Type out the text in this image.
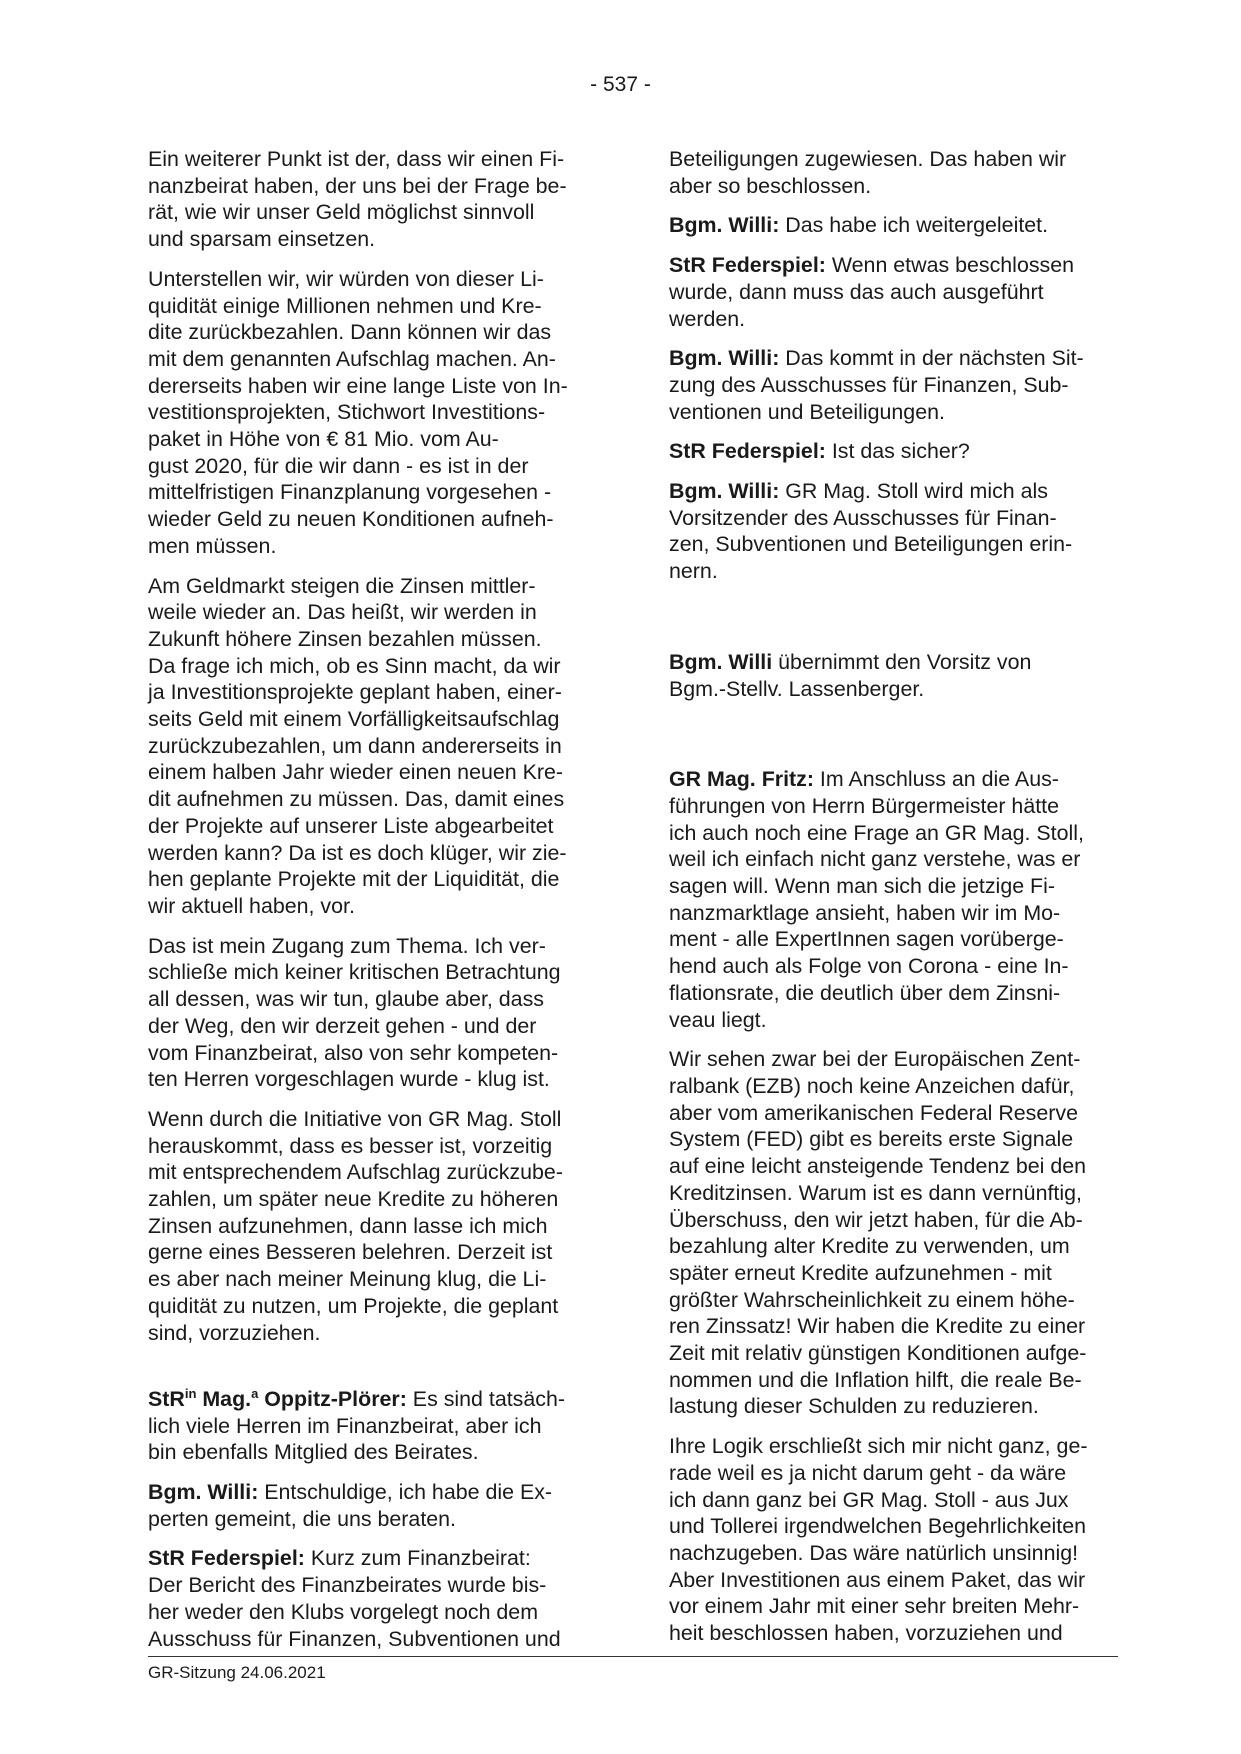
- 537 -

Ein weiterer Punkt ist der, dass wir einen Fi-
nanzbeirat haben, der uns bei der Frage be-
rät, wie wir unser Geld möglichst sinnvoll
und sparsam einsetzen.

Unterstellen wir, wir würden von dieser Li-
quidität einige Millionen nehmen und Kre-
dite zurückbezahlen. Dann können wir das
mit dem genannten Aufschlag machen. An-
dererseits haben wir eine lange Liste von In-
vestitionsprojekten, Stichwort Investitions-
paket in Höhe von € 81 Mio. vom Au-
gust 2020, für die wir dann - es ist in der
mittelfristigen Finanzplanung vorgesehen -
wieder Geld zu neuen Konditionen aufneh-
men müssen.

Am Geldmarkt steigen die Zinsen mittler-
weile wieder an. Das heißt, wir werden in
Zukunft höhere Zinsen bezahlen müssen.
Da frage ich mich, ob es Sinn macht, da wir
ja Investitionsprojekte geplant haben, einer-
seits Geld mit einem Vorfälligkeitsaufschlag
zurückzubezahlen, um dann andererseits in
einem halben Jahr wieder einen neuen Kre-
dit aufnehmen zu müssen. Das, damit eines
der Projekte auf unserer Liste abgearbeitet
werden kann? Da ist es doch klüger, wir zie-
hen geplante Projekte mit der Liquidität, die
wir aktuell haben, vor.

Das ist mein Zugang zum Thema. Ich ver-
schließe mich keiner kritischen Betrachtung
all dessen, was wir tun, glaube aber, dass
der Weg, den wir derzeit gehen - und der
vom Finanzbeirat, also von sehr kompeten-
ten Herren vorgeschlagen wurde - klug ist.

Wenn durch die Initiative von GR Mag. Stoll
herauskommt, dass es besser ist, vorzeitig
mit entsprechendem Aufschlag zurückzube-
zahlen, um später neue Kredite zu höheren
Zinsen aufzunehmen, dann lasse ich mich
gerne eines Besseren belehren. Derzeit ist
es aber nach meiner Meinung klug, die Li-
quidität zu nutzen, um Projekte, die geplant
sind, vorzuziehen.

StR$^{in}$ Mag.$^a$ Oppitz-Plörer: Es sind tatsäch-
lich viele Herren im Finanzbeirat, aber ich
bin ebenfalls Mitglied des Beirates.

Bgm. Willi: Entschuldige, ich habe die Ex-
perten gemeint, die uns beraten.

StR Federspiel: Kurz zum Finanzbeirat:
Der Bericht des Finanzbeirates wurde bis-
her weder den Klubs vorgelegt noch dem
Ausschuss für Finanzen, Subventionen und

Beteiligungen zugewiesen. Das haben wir
aber so beschlossen.

Bgm. Willi: Das habe ich weitergeleitet.

StR Federspiel: Wenn etwas beschlossen
wurde, dann muss das auch ausgeführt
werden.

Bgm. Willi: Das kommt in der nächsten Sit-
zung des Ausschusses für Finanzen, Sub-
ventionen und Beteiligungen.

StR Federspiel: Ist das sicher?

Bgm. Willi: GR Mag. Stoll wird mich als
Vorsitzender des Ausschusses für Finan-
zen, Subventionen und Beteiligungen erin-
nern.

Bgm. Willi übernimmt den Vorsitz von
Bgm.-Stellv. Lassenberger.

GR Mag. Fritz: Im Anschluss an die Aus-
führungen von Herrn Bürgermeister hätte
ich auch noch eine Frage an GR Mag. Stoll,
weil ich einfach nicht ganz verstehe, was er
sagen will. Wenn man sich die jetzige Fi-
nanzmarktlage ansieht, haben wir im Mo-
ment - alle ExpertInnen sagen vorüberge-
hend auch als Folge von Corona - eine In-
flationsrate, die deutlich über dem Zinsni-
veau liegt.

Wir sehen zwar bei der Europäischen Zent-
ralbank (EZB) noch keine Anzeichen dafür,
aber vom amerikanischen Federal Reserve
System (FED) gibt es bereits erste Signale
auf eine leicht ansteigende Tendenz bei den
Kreditzinsen. Warum ist es dann vernünftig,
Überschuss, den wir jetzt haben, für die Ab-
bezahlung alter Kredite zu verwenden, um
später erneut Kredite aufzunehmen - mit
größter Wahrscheinlichkeit zu einem höhe-
ren Zinssatz! Wir haben die Kredite zu einer
Zeit mit relativ günstigen Konditionen aufge-
nommen und die Inflation hilft, die reale Be-
lastung dieser Schulden zu reduzieren.

Ihre Logik erschließt sich mir nicht ganz, ge-
rade weil es ja nicht darum geht - da wäre
ich dann ganz bei GR Mag. Stoll - aus Jux
und Tollerei irgendwelchen Begehrlichkeiten
nachzugeben. Das wäre natürlich unsinnig!
Aber Investitionen aus einem Paket, das wir
vor einem Jahr mit einer sehr breiten Mehr-
heit beschlossen haben, vorzuziehen und

GR-Sitzung 24.06.2021
